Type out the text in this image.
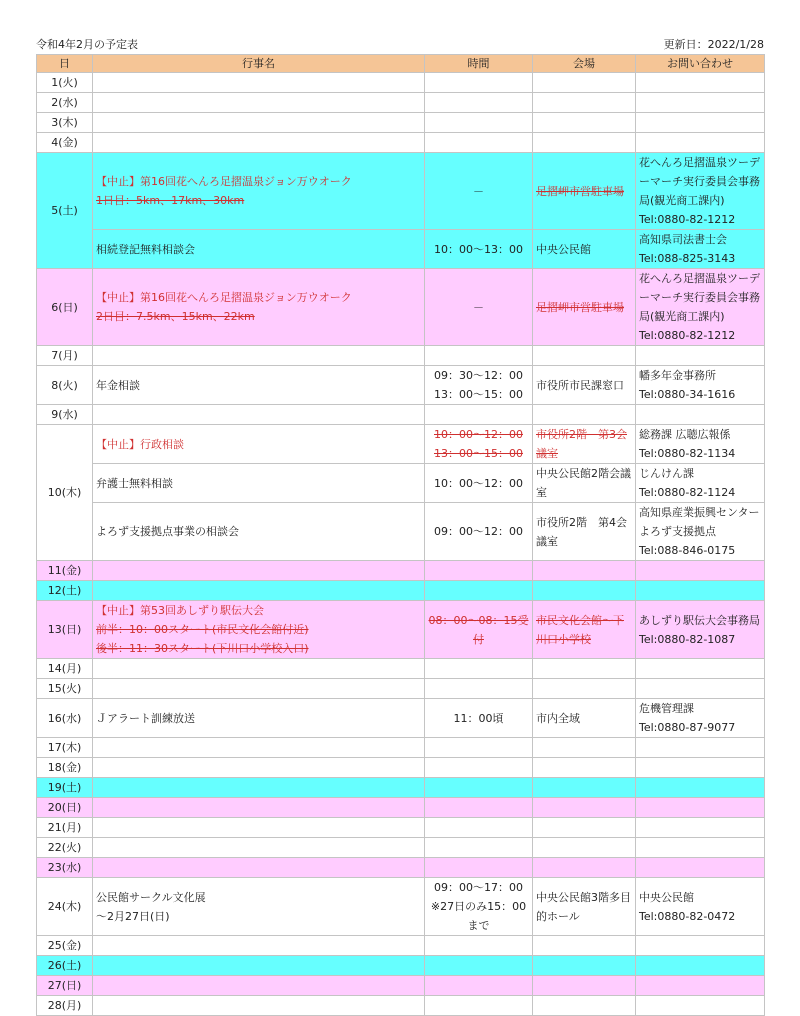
令和4年2月の予定表	更新日：2022/1/28
日	行事名	時間	会場	お問い合わせ
1(火)				
2(水)				
3(木)				
4(金)				
5(土)	【中止】第16回花へんろ足摺温泉ジョン万ウオーク
1日目：5km、17km、30km	－	足摺岬市営駐車場	花へんろ足摺温泉ツーデーマーチ実行委員会事務局(観光商工課内)
Tel:0880-82-1212

	相続登記無料相談会	10：00～13：00	中央公民館	高知県司法書士会
Tel:088-825-3143

6(日)	【中止】第16回花へんろ足摺温泉ジョン万ウオーク
2日目：7.5km、15km、22km	－	足摺岬市営駐車場	花へんろ足摺温泉ツーデーマーチ実行委員会事務局(観光商工課内)
Tel:0880-82-1212

7(月)				
8(火)	年金相談	09：30～12：00
13：00～15：00	市役所市民課窓口	幡多年金事務所
Tel:0880-34-1616

9(水)				
10(木)	【中止】行政相談	10：00～12：00
13：00～15：00	市役所2階　第3会議室	総務課 広聴広報係
Tel:0880-82-1134

	弁護士無料相談	10：00～12：00	中央公民館2階会議室	じんけん課
Tel:0880-82-1124

	よろず支援拠点事業の相談会	09：00～12：00	市役所2階　第4会議室	高知県産業振興センターよろず支援拠点
Tel:088-846-0175

11(金)				
12(土)				
13(日)	【中止】第53回あしずり駅伝大会
前半：10：00スタート(市民文化会館付近)
後半：11：30スタート(下川口小学校入口)	08：00～08：15受付	市民文化会館～下川口小学校	あしずり駅伝大会事務局
Tel:0880-82-1087

14(月)				
15(火)				
16(水)	Ｊアラート訓練放送	11：00頃	市内全域	危機管理課
Tel:0880-87-9077

17(木)				
18(金)				
19(土)				
20(日)				
21(月)				
22(火)				
23(水)				
24(木)	公民館サークル文化展
～2月27日(日)	09：00～17：00
※27日のみ15：00まで	中央公民館3階多目的ホール	中央公民館
Tel:0880-82-0472

25(金)				
26(土)				
27(日)				
28(月)				
